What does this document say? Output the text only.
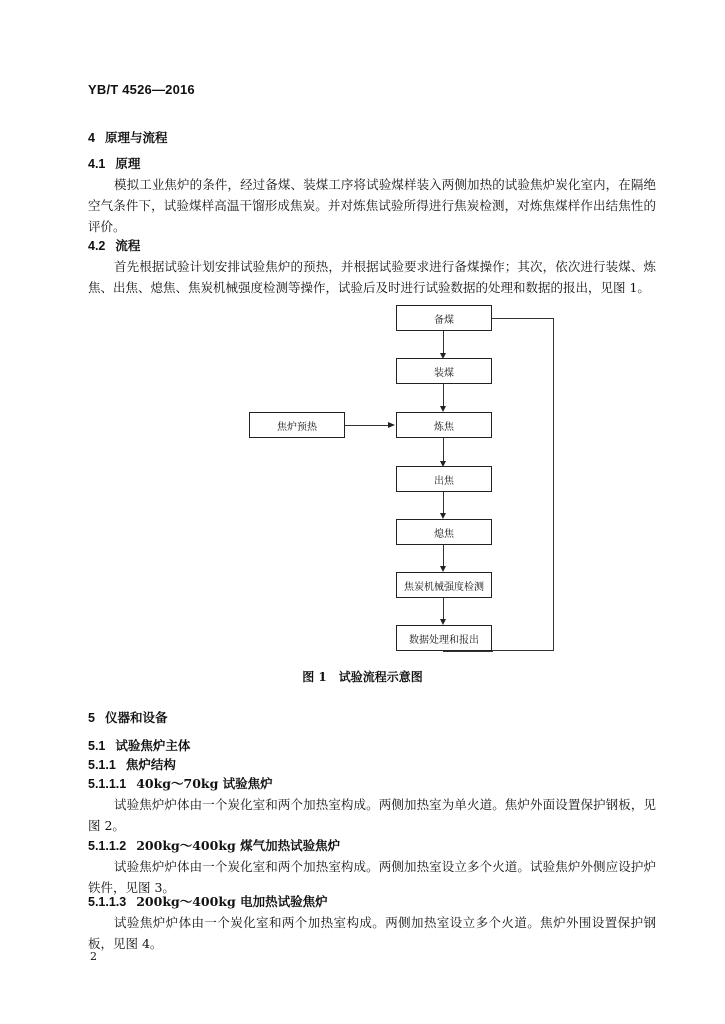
YB/T 4526—2016
4 原理与流程
4.1 原理
模拟工业焦炉的条件，经过备煤、装煤工序将试验煤样装入两侧加热的试验焦炉炭化室内，在隔绝空气条件下，试验煤样高温干馏形成焦炭。并对炼焦试验所得进行焦炭检测，对炼焦煤样作出结焦性的评价。
4.2 流程
首先根据试验计划安排试验焦炉的预热，并根据试验要求进行备煤操作；其次，依次进行装煤、炼焦、出焦、熄焦、焦炭机械强度检测等操作，试验后及时进行试验数据的处理和数据的报出，见图 1。
备煤
装煤
炼焦
出焦
熄焦
焦炭机械强度检测
数据处理和报出
焦炉预热
图 1　试验流程示意图
5 仪器和设备
5.1 试验焦炉主体
5.1.1 焦炉结构
5.1.1.1 40kg～70kg 试验焦炉
试验焦炉炉体由一个炭化室和两个加热室构成。两侧加热室为单火道。焦炉外面设置保护钢板，见图 2。
5.1.1.2 200kg～400kg 煤气加热试验焦炉
试验焦炉炉体由一个炭化室和两个加热室构成。两侧加热室设立多个火道。试验焦炉外侧应设护炉铁件，见图 3。
5.1.1.3 200kg～400kg 电加热试验焦炉
试验焦炉炉体由一个炭化室和两个加热室构成。两侧加热室设立多个火道。焦炉外围设置保护钢板，见图 4。
2
